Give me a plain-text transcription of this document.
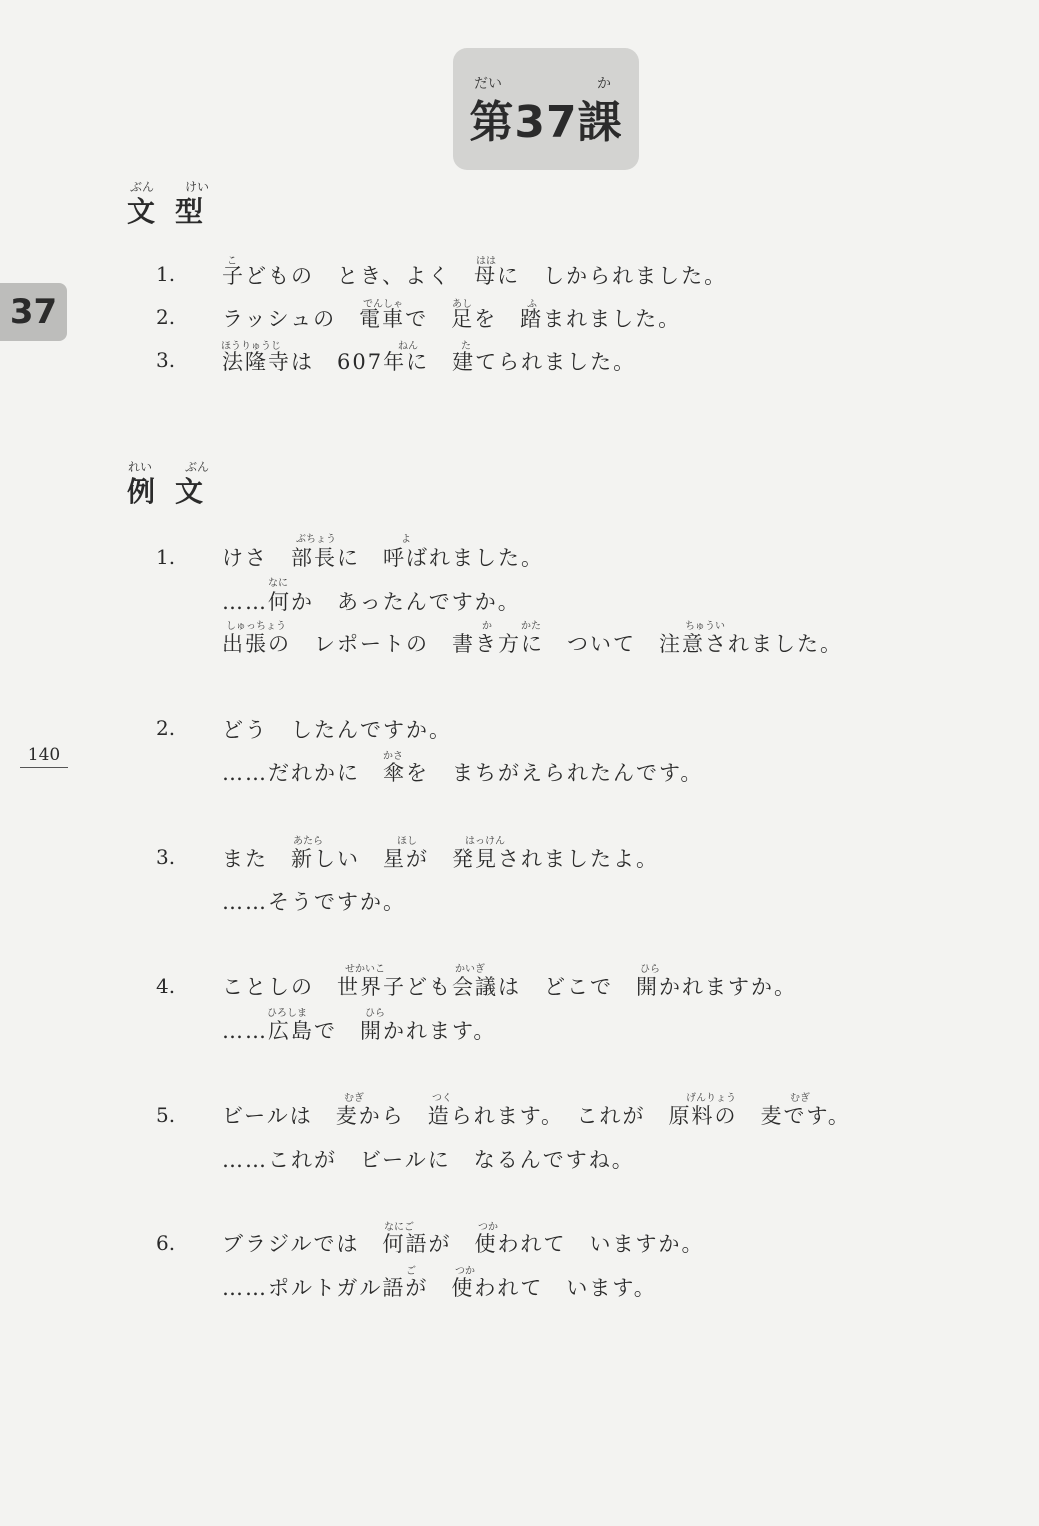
だい	か
第37課
37
140
ぶん	けい
文型
こ	はは
1. 子どもの　とき、よく　母に　しかられました。
でんしゃ	あし	ふ
2. ラッシュの　電車で　足を　踏まれました。
ほうりゅうじ	ねん	た
3. 法隆寺は　607年に　建てられました。
れい	ぶん
例文
ぶちょう	よ
1. けさ　部長に　呼ばれました。
なに
……何か　あったんですか。
しゅっちょう	か	かた	ちゅうい
出張の　レポートの　書き方に　ついて　注意されました。
2. どう　したんですか。
かさ
……だれかに　傘を　まちがえられたんです。
あたら	ほし	はっけん
3. また　新しい　星が　発見されましたよ。
……そうですか。
せかいこ	かいぎ	ひら
4. ことしの　世界子ども会議は　どこで　開かれますか。
ひろしま	ひら
……広島で　開かれます。
むぎ	つく	げんりょう	むぎ
5. ビールは　麦から　造られます。　これが　原料の　麦です。
……これが　ビールに　なるんですね。
なにご	つか
6. ブラジルでは　何語が　使われて　いますか。
ご	つか
……ポルトガル語が　使われて　います。
